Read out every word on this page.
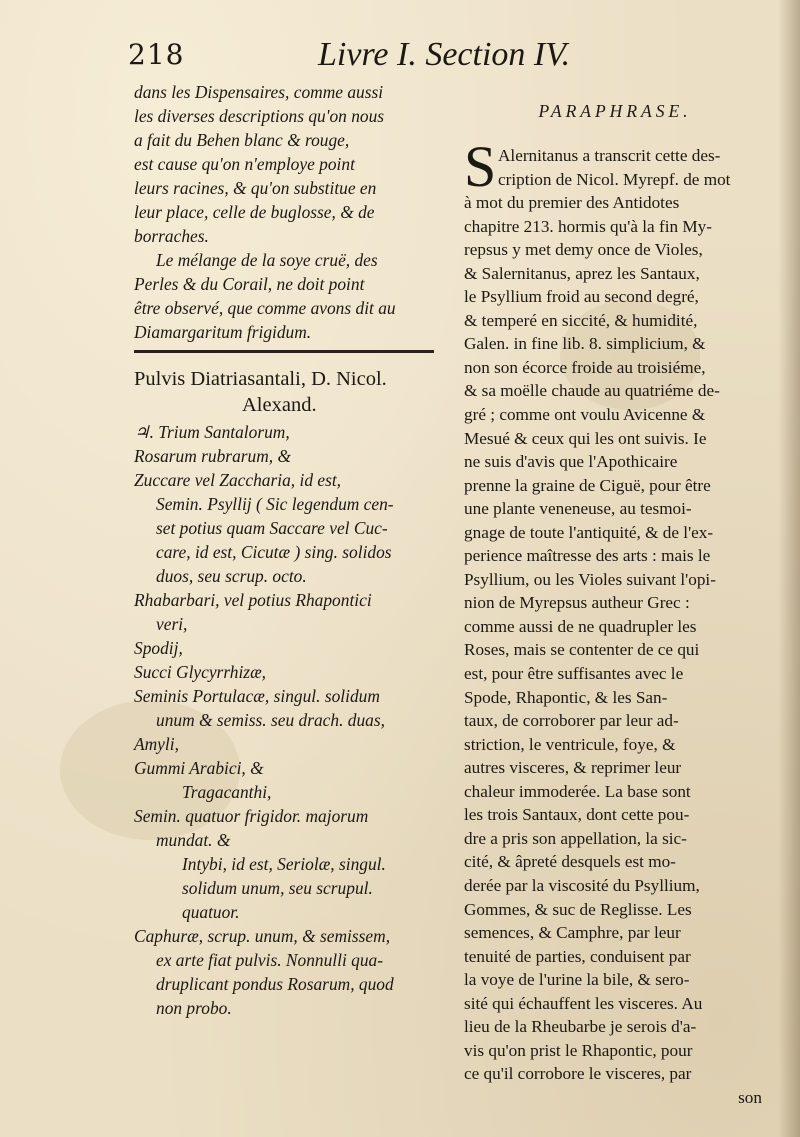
218	Livre I. Section IV.
dans les Dispensaires, comme aussi
les diverses descriptions qu'on nous
a fait du Behen blanc & rouge,
est cause qu'on n'employe point
leurs racines, & qu'on substitue en
leur place, celle de buglosse, & de
borraches.
Le mélange de la soye cruë, des
Perles & du Corail, ne doit point
être observé, que comme avons dit au
Diamargaritum frigidum.
Pulvis Diatriasantali, D. Nicol.
Alexand.
♃. Trium Santalorum,
Rosarum rubrarum, &
Zuccare vel Zaccharia, id est,
Semin. Psyllij ( Sic legendum cen-
set potius quam Saccare vel Cuc-
care, id est, Cicutæ ) sing. solidos
duos, seu scrup. octo.
Rhabarbari, vel potius Rhapontici
veri,
Spodij,
Succi Glycyrrhizæ,
Seminis Portulacæ, singul. solidum
unum & semiss. seu drach. duas,
Amyli,
Gummi Arabici, &
Tragacanthi,
Semin. quatuor frigidor. majorum
mundat. &
Intybi, id est, Seriolæ, singul.
solidum unum, seu scrupul.
quatuor.
Caphuræ, scrup. unum, & semissem,
ex arte fiat pulvis. Nonnulli qua-
druplicant pondus Rosarum, quod
non probo.
PARAPHRASE.
S Alernitanus a transcrit cette des-
cription de Nicol. Myrepf. de mot
à mot du premier des Antidotes
chapitre 213. hormis qu'à la fin My-
repsus y met demy once de Violes,
& Salernitanus, aprez les Santaux,
le Psyllium froid au second degré,
& temperé en siccité, & humidité,
Galen. in fine lib. 8. simplicium, &
non son écorce froide au troisiéme,
& sa moëlle chaude au quatriéme de-
gré ; comme ont voulu Avicenne &
Mesué & ceux qui les ont suivis. Ie
ne suis d'avis que l'Apothicaire
prenne la graine de Ciguë, pour être
une plante veneneuse, au tesmoi-
gnage de toute l'antiquité, & de l'ex-
perience maîtresse des arts : mais le
Psyllium, ou les Violes suivant l'opi-
nion de Myrepsus autheur Grec :
comme aussi de ne quadrupler les
Roses, mais se contenter de ce qui
est, pour être suffisantes avec le
Spode, Rhapontic, & les San-
taux, de corroborer par leur ad-
striction, le ventricule, foye, &
autres visceres, & reprimer leur
chaleur immoderée. La base sont
les trois Santaux, dont cette pou-
dre a pris son appellation, la sic-
cité, & âpreté desquels est mo-
derée par la viscosité du Psyllium,
Gommes, & suc de Reglisse. Les
semences, & Camphre, par leur
tenuité de parties, conduisent par
la voye de l'urine la bile, & sero-
sité qui échauffent les visceres. Au
lieu de la Rheubarbe je serois d'a-
vis qu'on prist le Rhapontic, pour
ce qu'il corrobore le visceres, par
son
